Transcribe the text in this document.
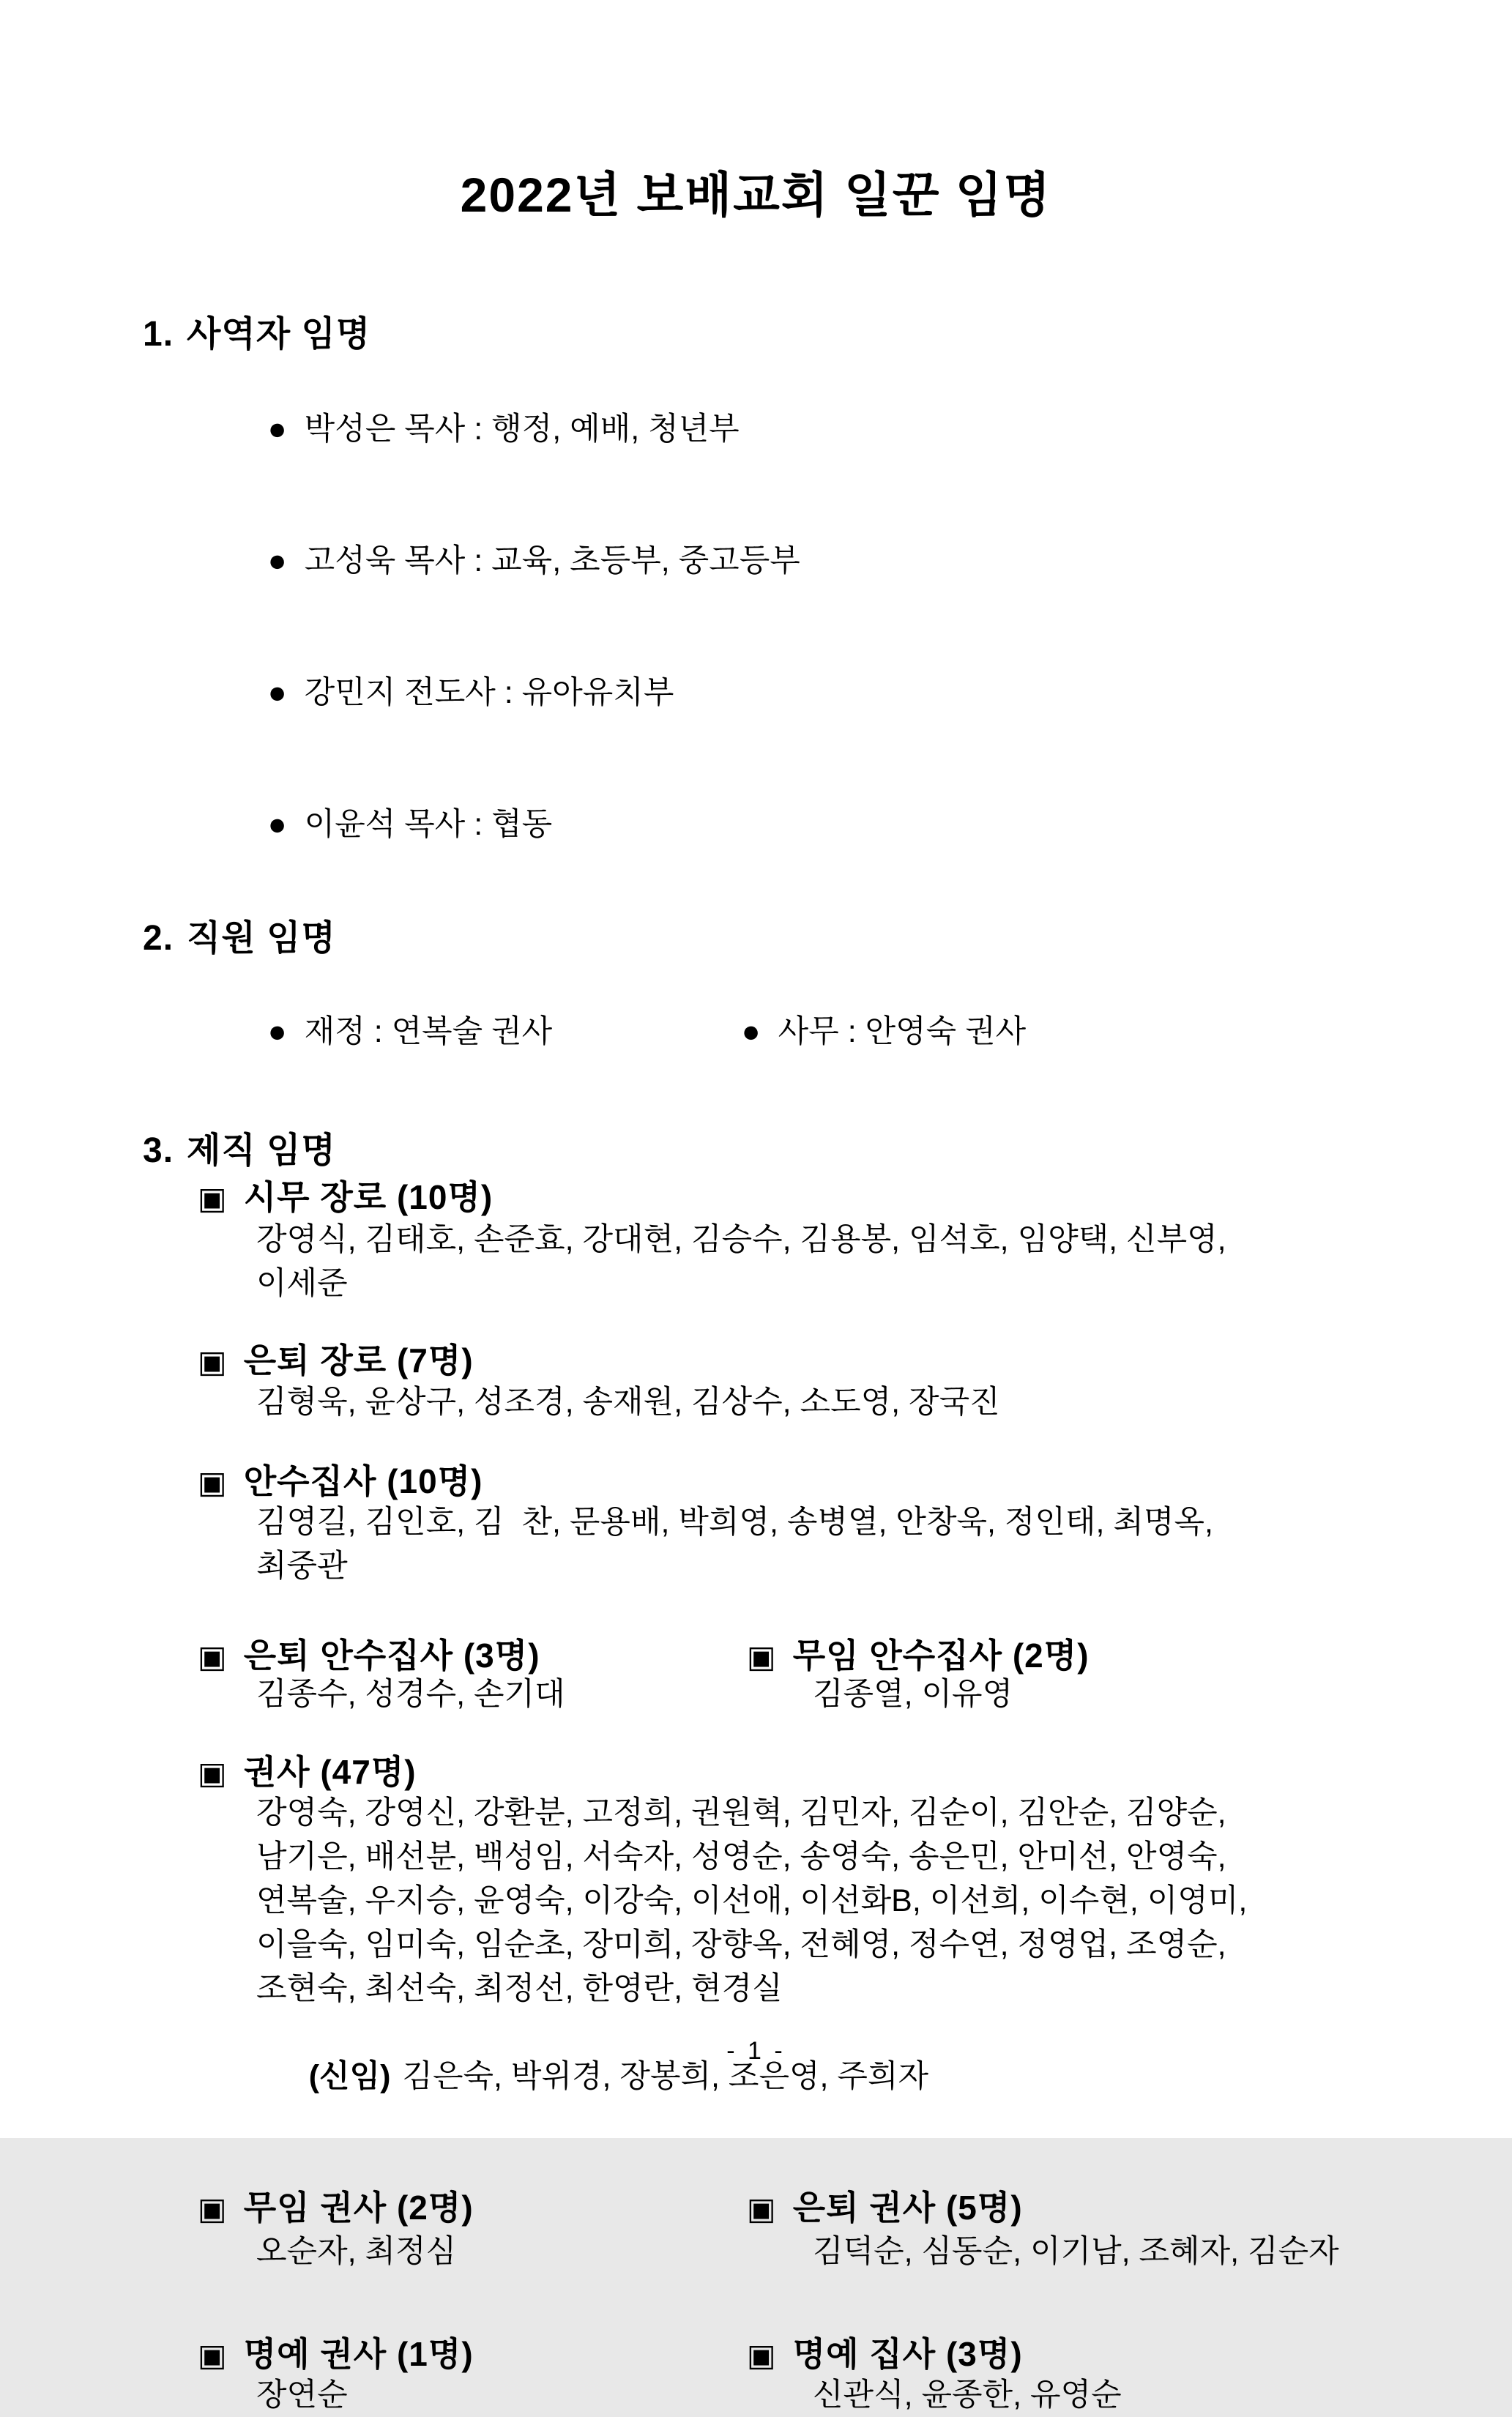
2022년 보배교회 일꾼 임명
1. 사역자 임명

● 박성은 목사 : 행정, 예배, 청년부

● 고성욱 목사 : 교육, 초등부, 중고등부

● 강민지 전도사 : 유아유치부

● 이윤석 목사 : 협동

2. 직원 임명

● 재정 : 연복술 권사
	● 사무 : 안영숙 권사

3. 제직 임명
▣ 시무 장로 (10명)
강영식, 김태호, 손준효, 강대현, 김승수, 김용봉, 임석호, 임양택, 신부영,
이세준
▣ 은퇴 장로 (7명)
김형욱, 윤상구, 성조경, 송재원, 김상수, 소도영, 장국진
▣ 안수집사 (10명)
김영길, 김인호, 김  찬, 문용배, 박희영, 송병열, 안창욱, 정인태, 최명옥,
최중관
▣ 은퇴 안수집사 (3명)	▣ 무임 안수집사 (2명)
김종수, 성경수, 손기대	김종열, 이유영
▣ 권사 (47명)
강영숙, 강영신, 강환분, 고정희, 권원혁, 김민자, 김순이, 김안순, 김양순,
남기은, 배선분, 백성임, 서숙자, 성영순, 송영숙, 송은민, 안미선, 안영숙,
연복술, 우지승, 윤영숙, 이강숙, 이선애, 이선화B, 이선희, 이수현, 이영미,
이을숙, 임미숙, 임순초, 장미희, 장향옥, 전혜영, 정수연, 정영업, 조영순,
조현숙, 최선숙, 최정선, 한영란, 현경실

(신임) 김은숙, 박위경, 장봉희, 조은영, 주희자

▣ 무임 권사 (2명)	▣ 은퇴 권사 (5명)
오순자, 최정심	김덕순, 심동순, 이기남, 조혜자, 김순자
▣ 명예 권사 (1명)	▣ 명예 집사 (3명)
장연순	신관식, 윤종한, 유영순
- 1 -
